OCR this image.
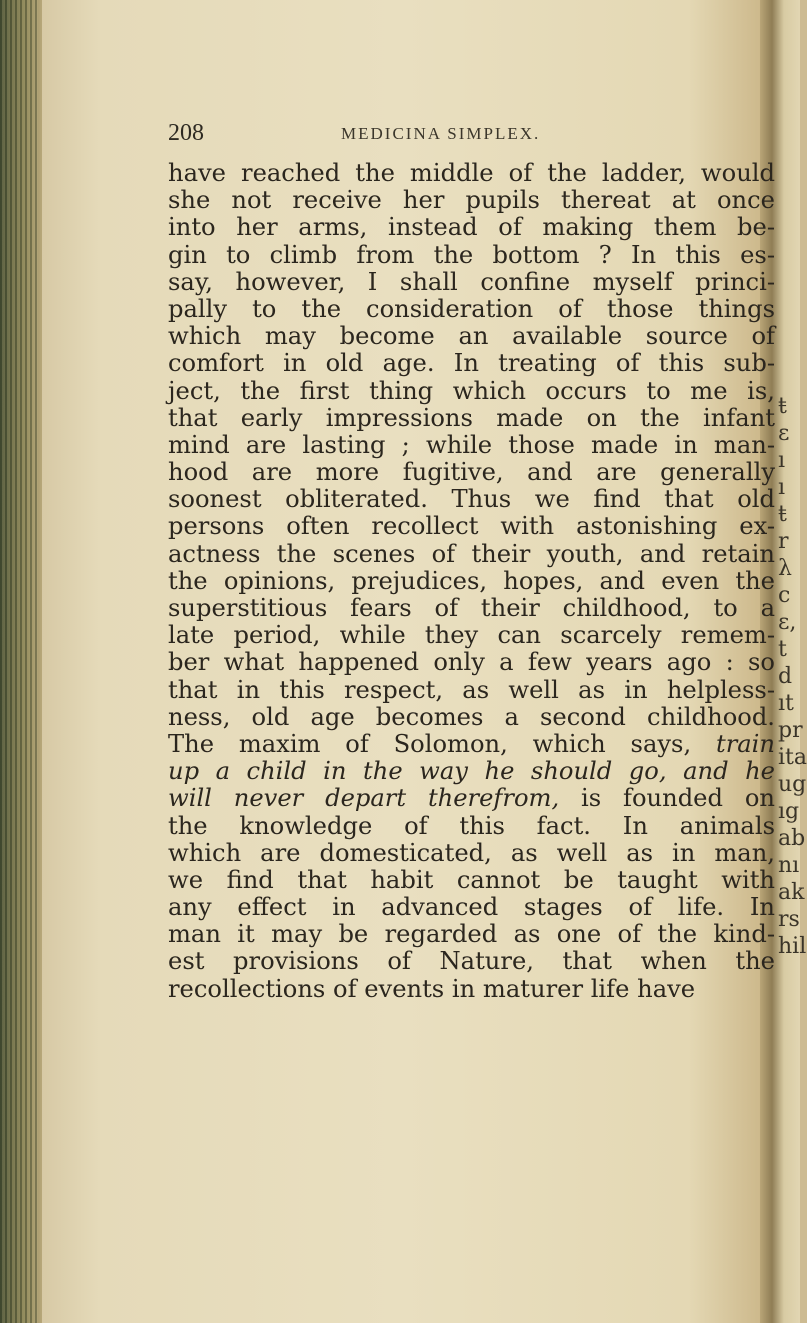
ŧ
ɛ
ı
ı
ŧ
r
λ
c
ɛ,
t
d
ıt
pr
ita
ug
ıg
ab
nı
ak
rs
hil
208	MEDICINA SIMPLEX.
have reached the middle of the ladder, would
she not receive her pupils thereat at once
into her arms, instead of making them be-
gin to climb from the bottom ? In this es-
say, however, I shall confine myself princi-
pally to the consideration of those things
which may become an available source of
comfort in old age. In treating of this sub-
ject, the first thing which occurs to me is,
that early impressions made on the infant
mind are lasting ; while those made in man-
hood are more fugitive, and are generally
soonest obliterated. Thus we find that old
persons often recollect with astonishing ex-
actness the scenes of their youth, and retain
the opinions, prejudices, hopes, and even the
superstitious fears of their childhood, to a
late period, while they can scarcely remem-
ber what happened only a few years ago : so
that in this respect, as well as in helpless-
ness, old age becomes a second childhood.
The maxim of Solomon, which says, train
up a child in the way he should go, and he
will never depart therefrom, is founded on
the knowledge of this fact. In animals
which are domesticated, as well as in man,
we find that habit cannot be taught with
any effect in advanced stages of life. In
man it may be regarded as one of the kind-
est provisions of Nature, that when the
recollections of events in maturer life have
